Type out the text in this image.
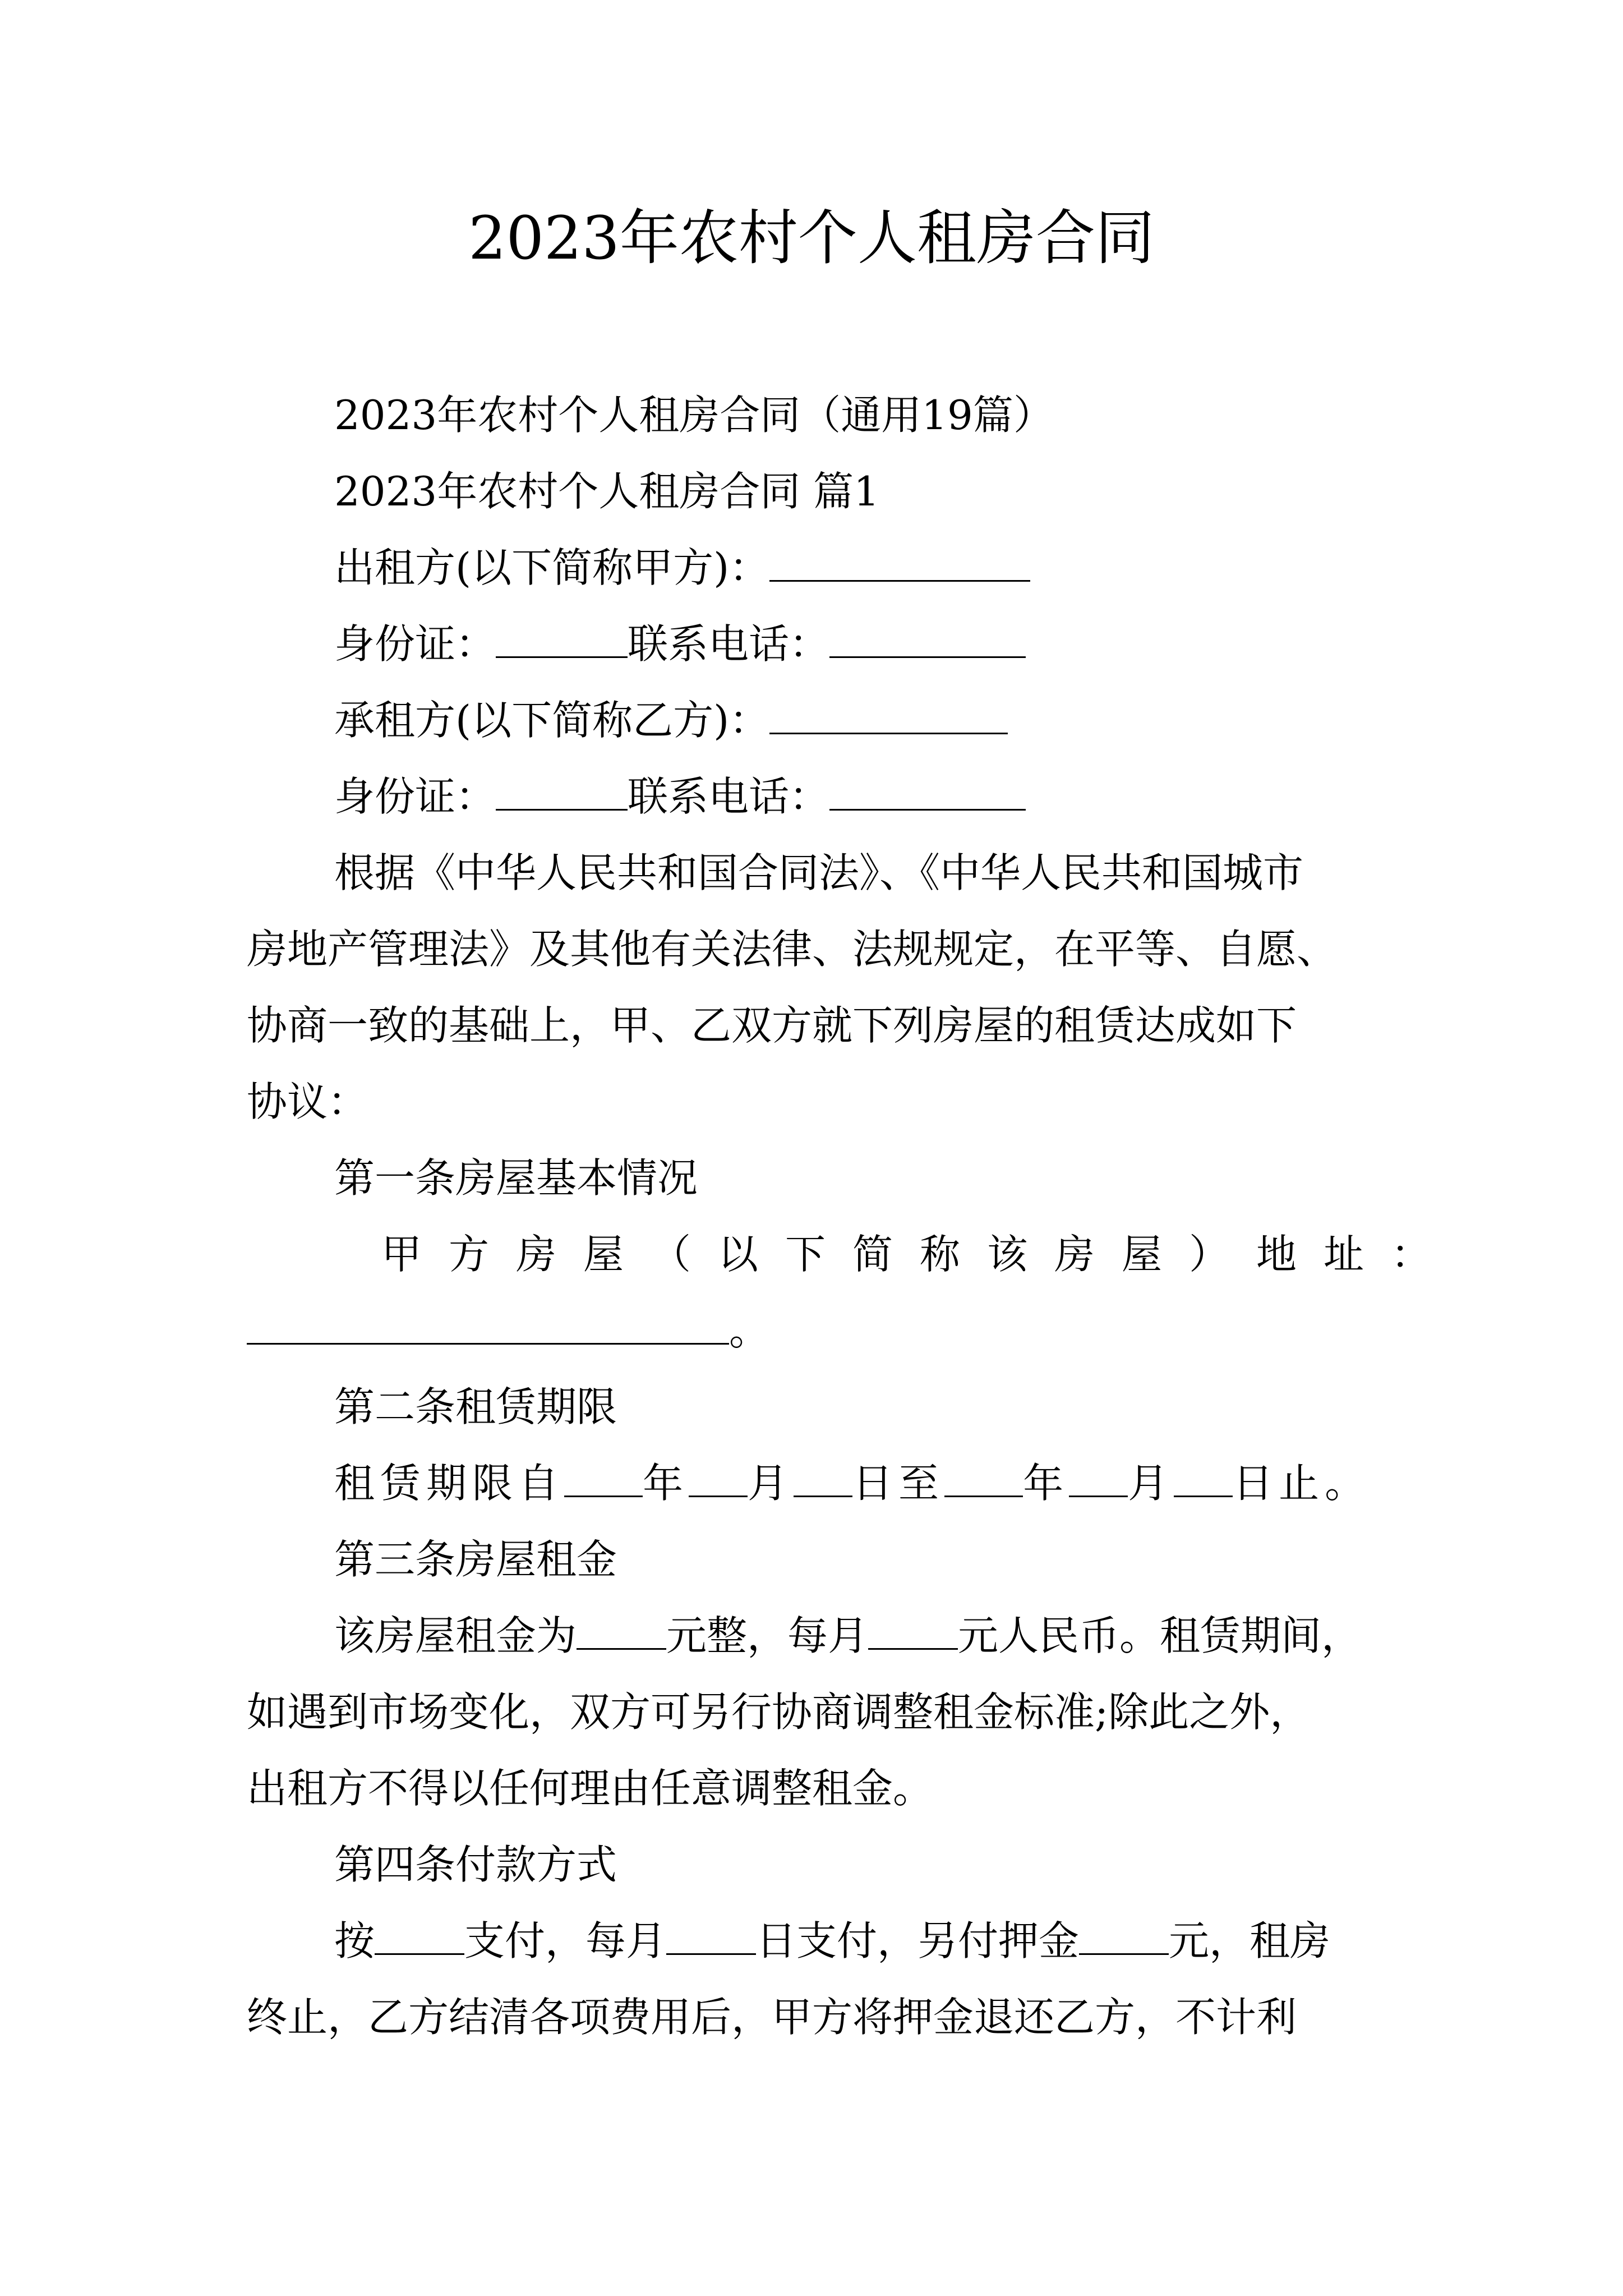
2023年农村个人租房合同
2023年农村个人租房合同（通用19篇）
2023年农村个人租房合同 篇1
出租方(以下简称甲方)：
身份证：	联系电话：
承租方(以下简称乙方)：
身份证：	联系电话：
根据《中华人民共和国合同法》、《中华人民共和国城市
房地产管理法》及其他有关法律、法规规定，在平等、自愿、
协商一致的基础上，甲、乙双方就下列房屋的租赁达成如下
协议：
第一条房屋基本情况
甲方房屋（以下简称该房屋）地址：
。
第二条租赁期限
租赁期限自 年 月 日至 年 月 日止。
第三条房屋租金
该房屋租金为 元整，每月 元人民币。租赁期间，
如遇到市场变化，双方可另行协商调整租金标准;除此之外，
出租方不得以任何理由任意调整租金。
第四条付款方式
按 支付，每月 日支付，另付押金 元，租房
终止，乙方结清各项费用后，甲方将押金退还乙方，不计利
